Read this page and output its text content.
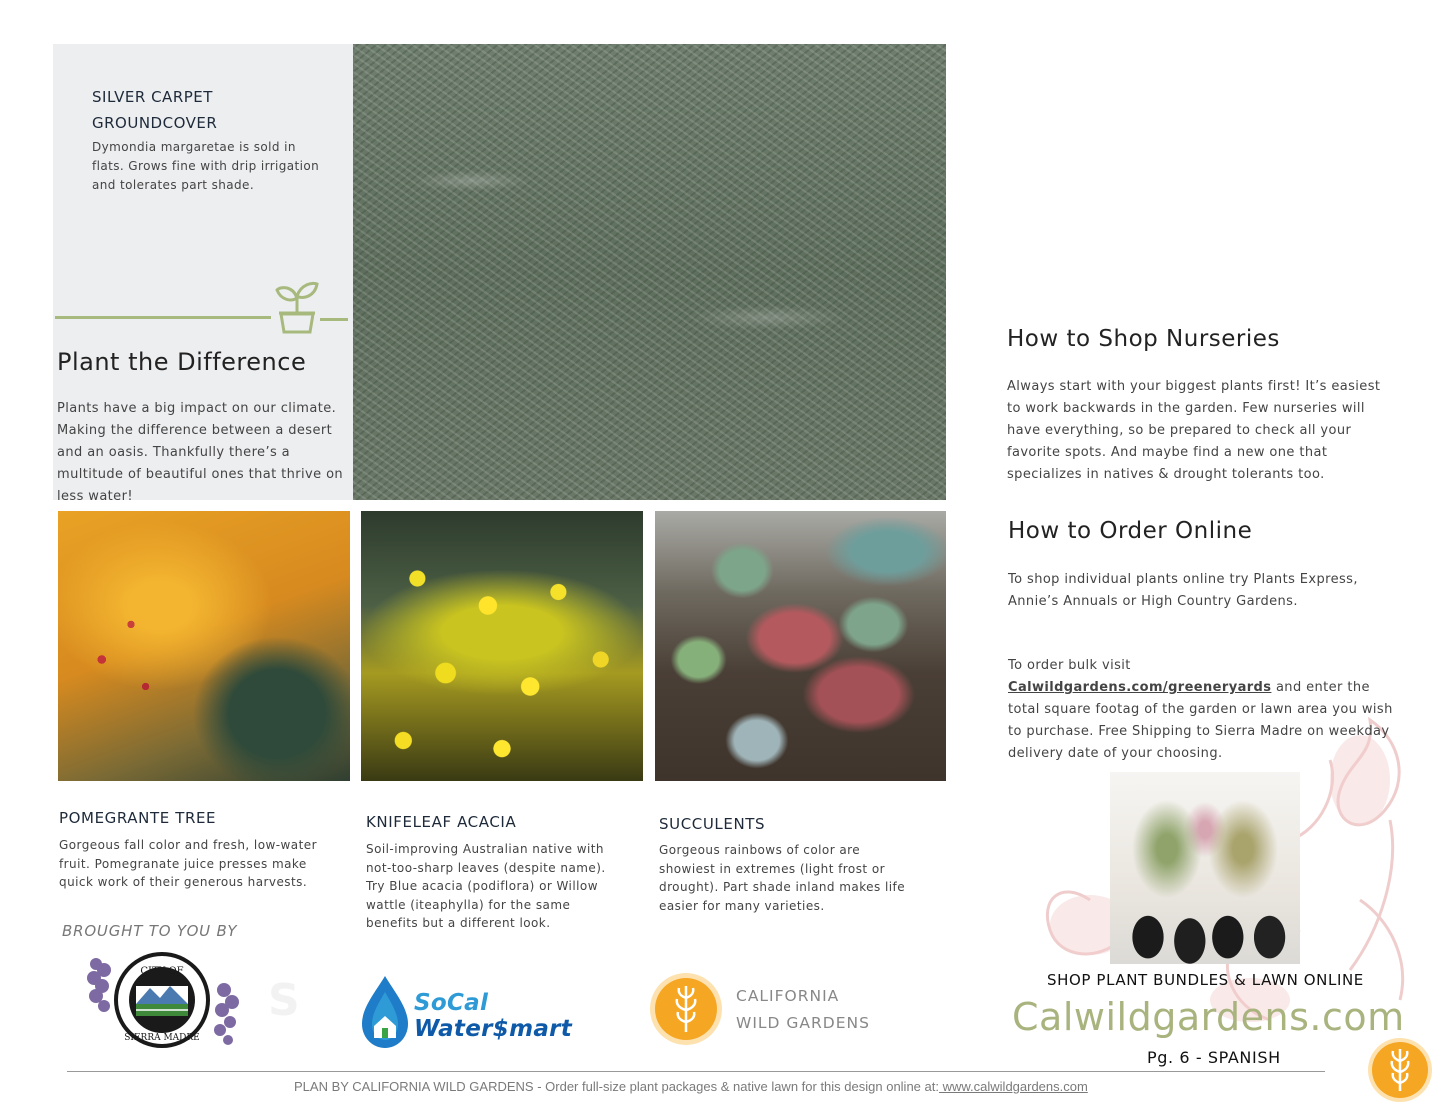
SILVER CARPET
GROUNDCOVER
Dymondia margaretae is sold in flats. Grows fine with drip irrigation and tolerates part shade.
Plant the Difference
Plants have a big impact on our climate. Making the difference between a desert and an oasis. Thankfully there’s a multitude of beautiful ones that thrive on less water!
POMEGRANTE TREE
Gorgeous fall color and fresh, low-water fruit. Pomegranate juice presses make quick work of their generous harvests.
KNIFELEAF ACACIA
Soil-improving Australian native with not-too-sharp leaves (despite name). Try Blue acacia (podiflora) or Willow wattle (iteaphylla) for the same benefits but a different look.
SUCCULENTS
Gorgeous rainbows of color are showiest in extremes (light frost or drought). Part shade inland makes life easier for many varieties.
BROUGHT TO YOU BY
CITY OF
SIERRA MADRE
S	SoCal
Water$mart
CALIFORNIA
WILD GARDENS
How to Shop Nurseries
Always start with your biggest plants first! It’s easiest to work backwards in the garden. Few nurseries will have everything, so be prepared to check all your favorite spots. And maybe find a new one that specializes in natives & drought tolerants too.
How to Order Online
To shop individual plants online try Plants Express, Annie’s Annuals or High Country Gardens.
To order bulk visit Calwildgardens.com/greeneryards and enter the total square footag of the garden or lawn area you wish to purchase. Free Shipping to Sierra Madre on weekday delivery date of your choosing.
SHOP PLANT BUNDLES & LAWN ONLINE
Calwildgardens.com
Pg. 6 - SPANISH
PLAN BY CALIFORNIA WILD GARDENS - Order full-size plant packages & native lawn for this design online at: www.calwildgardens.com
